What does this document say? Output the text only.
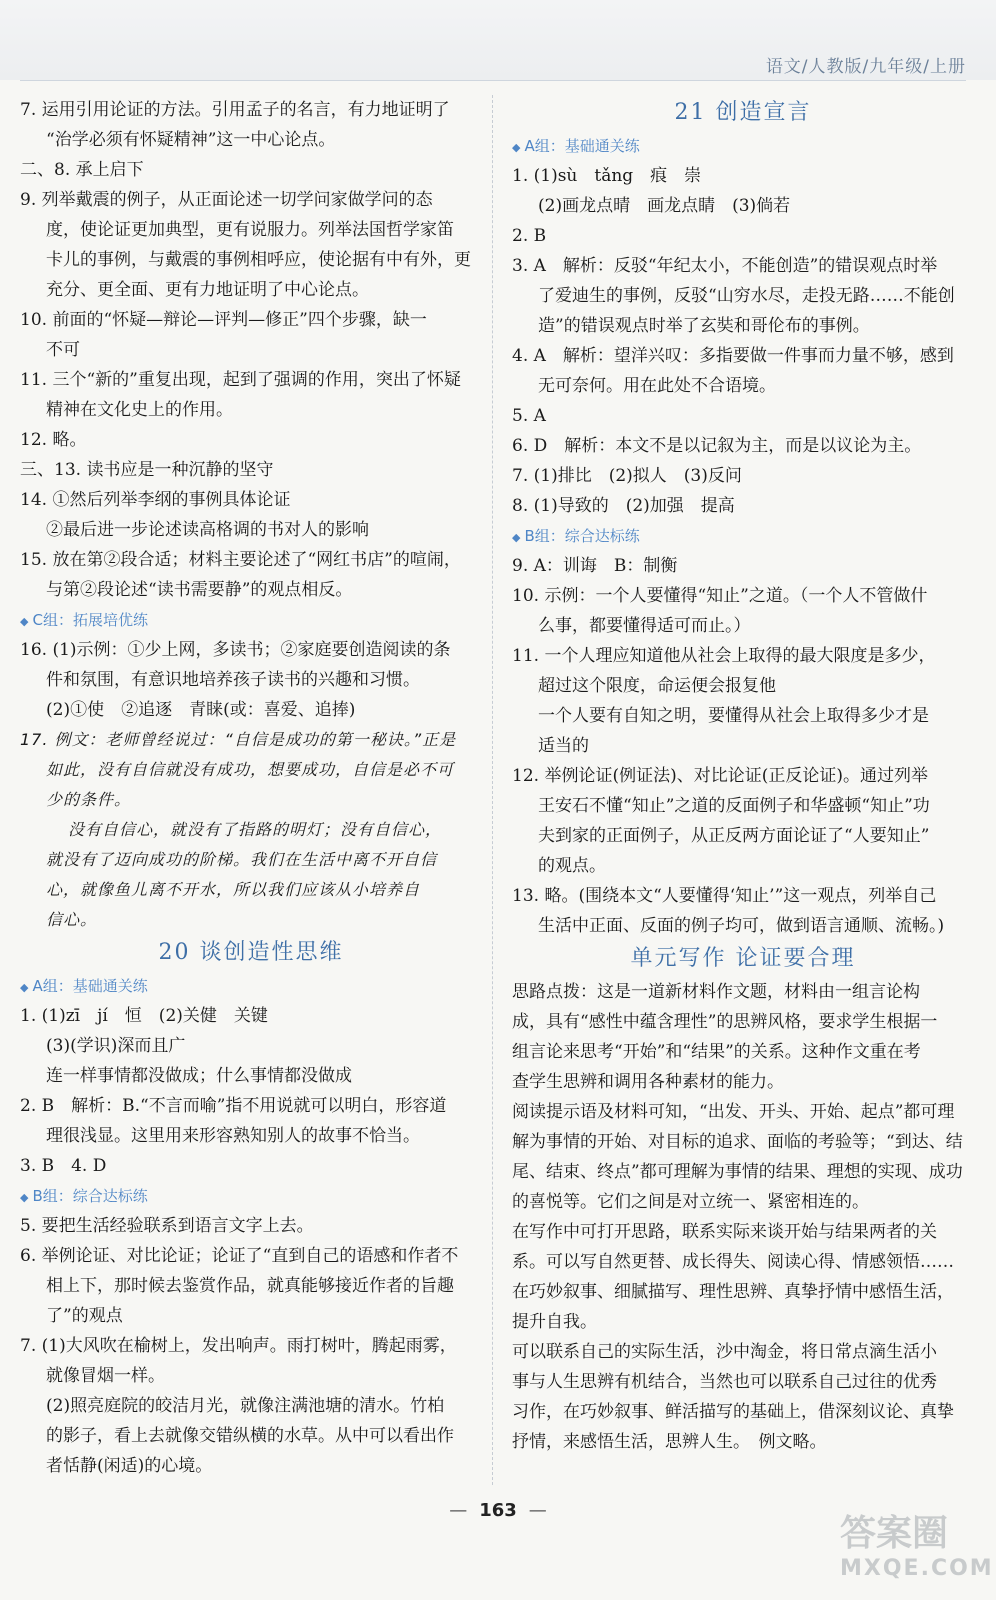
语文/人教版/九年级/上册
7. 运用引用论证的方法。引用孟子的名言，有力地证明了
“治学必须有怀疑精神”这一中心论点。
二、8. 承上启下
9. 列举戴震的例子，从正面论述一切学问家做学问的态
度，使论证更加典型，更有说服力。列举法国哲学家笛
卡儿的事例，与戴震的事例相呼应，使论据有中有外，更
充分、更全面、更有力地证明了中心论点。
10. 前面的“怀疑—辩论—评判—修正”四个步骤，缺一
不可
11. 三个“新的”重复出现，起到了强调的作用，突出了怀疑
精神在文化史上的作用。
12. 略。
三、13. 读书应是一种沉静的坚守
14. ①然后列举李纲的事例具体论证
②最后进一步论述读高格调的书对人的影响
15. 放在第②段合适；材料主要论述了“网红书店”的喧闹，
与第②段论述“读书需要静”的观点相反。
◆ C组：拓展培优练
16. (1)示例：①少上网，多读书；②家庭要创造阅读的条
件和氛围，有意识地培养孩子读书的兴趣和习惯。
(2)①使　②追逐　青睐(或：喜爱、追捧)
17. 例文：老师曾经说过：“自信是成功的第一秘诀。”正是
如此，没有自信就没有成功，想要成功，自信是必不可
少的条件。
没有自信心，就没有了指路的明灯；没有自信心，
就没有了迈向成功的阶梯。我们在生活中离不开自信
心，就像鱼儿离不开水，所以我们应该从小培养自
信心。
20 谈创造性思维
◆ A组：基础通关练
1. (1)zī　jí　恒　(2)关健　关键
(3)(学识)深而且广
连一样事情都没做成；什么事情都没做成
2. B　解析：B.“不言而喻”指不用说就可以明白，形容道
理很浅显。这里用来形容熟知别人的故事不恰当。
3. B　4. D
◆ B组：综合达标练
5. 要把生活经验联系到语言文字上去。
6. 举例论证、对比论证；论证了“直到自己的语感和作者不
相上下，那时候去鉴赏作品，就真能够接近作者的旨趣
了”的观点
7. (1)大风吹在榆树上，发出响声。雨打树叶，腾起雨雾，
就像冒烟一样。
(2)照亮庭院的皎洁月光，就像注满池塘的清水。竹柏
的影子，看上去就像交错纵横的水草。从中可以看出作
者恬静(闲适)的心境。
21 创造宣言
◆ A组：基础通关练
1. (1)sù　tǎng　痕　崇
(2)画龙点晴　画龙点睛　(3)倘若
2. B
3. A　解析：反驳“年纪太小，不能创造”的错误观点时举
了爱迪生的事例，反驳“山穷水尽，走投无路……不能创
造”的错误观点时举了玄奘和哥伦布的事例。
4. A　解析：望洋兴叹：多指要做一件事而力量不够，感到
无可奈何。用在此处不合语境。
5. A
6. D　解析：本文不是以记叙为主，而是以议论为主。
7. (1)排比　(2)拟人　(3)反问
8. (1)导致的　(2)加强　提高
◆ B组：综合达标练
9. A：训诲　B：制衡
10. 示例：一个人要懂得“知止”之道。（一个人不管做什
么事，都要懂得适可而止。）
11. 一个人理应知道他从社会上取得的最大限度是多少，
超过这个限度，命运便会报复他
一个人要有自知之明，要懂得从社会上取得多少才是
适当的
12. 举例论证(例证法)、对比论证(正反论证)。通过列举
王安石不懂“知止”之道的反面例子和华盛顿“知止”功
夫到家的正面例子，从正反两方面论证了“人要知止”
的观点。
13. 略。(围绕本文“人要懂得‘知止’”这一观点，列举自己
生活中正面、反面的例子均可，做到语言通顺、流畅。)
单元写作 论证要合理
思路点拨：这是一道新材料作文题，材料由一组言论构
成，具有“感性中蕴含理性”的思辨风格，要求学生根据一
组言论来思考“开始”和“结果”的关系。这种作文重在考
查学生思辨和调用各种素材的能力。
阅读提示语及材料可知，“出发、开头、开始、起点”都可理
解为事情的开始、对目标的追求、面临的考验等；“到达、结
尾、结束、终点”都可理解为事情的结果、理想的实现、成功
的喜悦等。它们之间是对立统一、紧密相连的。
在写作中可打开思路，联系实际来谈开始与结果两者的关
系。可以写自然更替、成长得失、阅读心得、情感领悟……
在巧妙叙事、细腻描写、理性思辨、真挚抒情中感悟生活，
提升自我。
可以联系自己的实际生活，沙中淘金，将日常点滴生活小
事与人生思辨有机结合，当然也可以联系自己过往的优秀
习作，在巧妙叙事、鲜活描写的基础上，借深刻议论、真挚
抒情，来感悟生活，思辨人生。　例文略。
— 163 —
答案圈
MXQE.COM
